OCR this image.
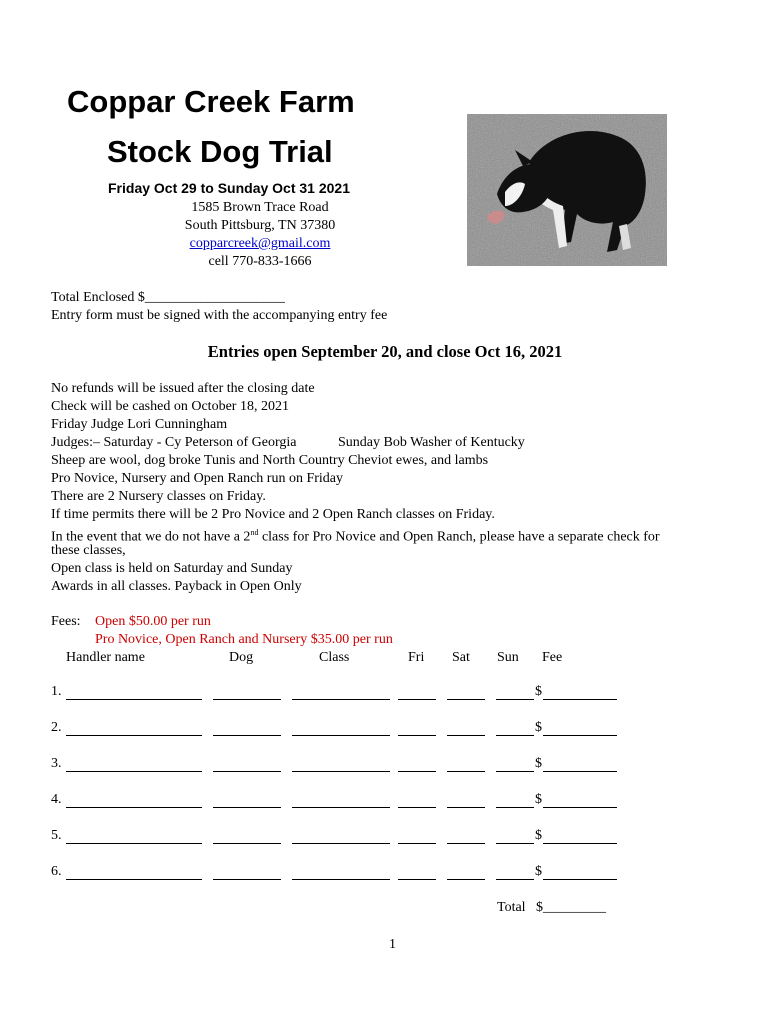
Coppar Creek Farm
Stock Dog Trial
Friday Oct 29 to Sunday Oct 31 2021
1585 Brown Trace Road
South Pittsburg, TN 37380
copparcreek@gmail.com
cell 770-833-1666
Total Enclosed $____________________
Entry form must be signed with the accompanying entry fee
Entries open September 20, and close Oct 16, 2021
No refunds will be issued after the closing date
Check will be cashed on October 18, 2021
Friday Judge Lori Cunningham
Judges:– Saturday - Cy Peterson of Georgia	Sunday Bob Washer of Kentucky
Sheep are wool, dog broke Tunis and North Country Cheviot ewes, and lambs
Pro Novice, Nursery and Open Ranch run on Friday
There are 2 Nursery classes on Friday.
If time permits there will be 2 Pro Novice and 2 Open Ranch classes on Friday.
In the event that we do not have a 2nd class for Pro Novice and Open Ranch, please have a separate check for
these classes,
Open class is held on Saturday and Sunday
Awards in all classes. Payback in Open Only
Fees: Open $50.00 per run
Pro Novice, Open Ranch and Nursery $35.00 per run
Handler name	Dog	Class	Fri Sat Sun Fee
1.	$
2.	$
3.	$
4.	$
5.	$
6.	$
Total $_________
1
